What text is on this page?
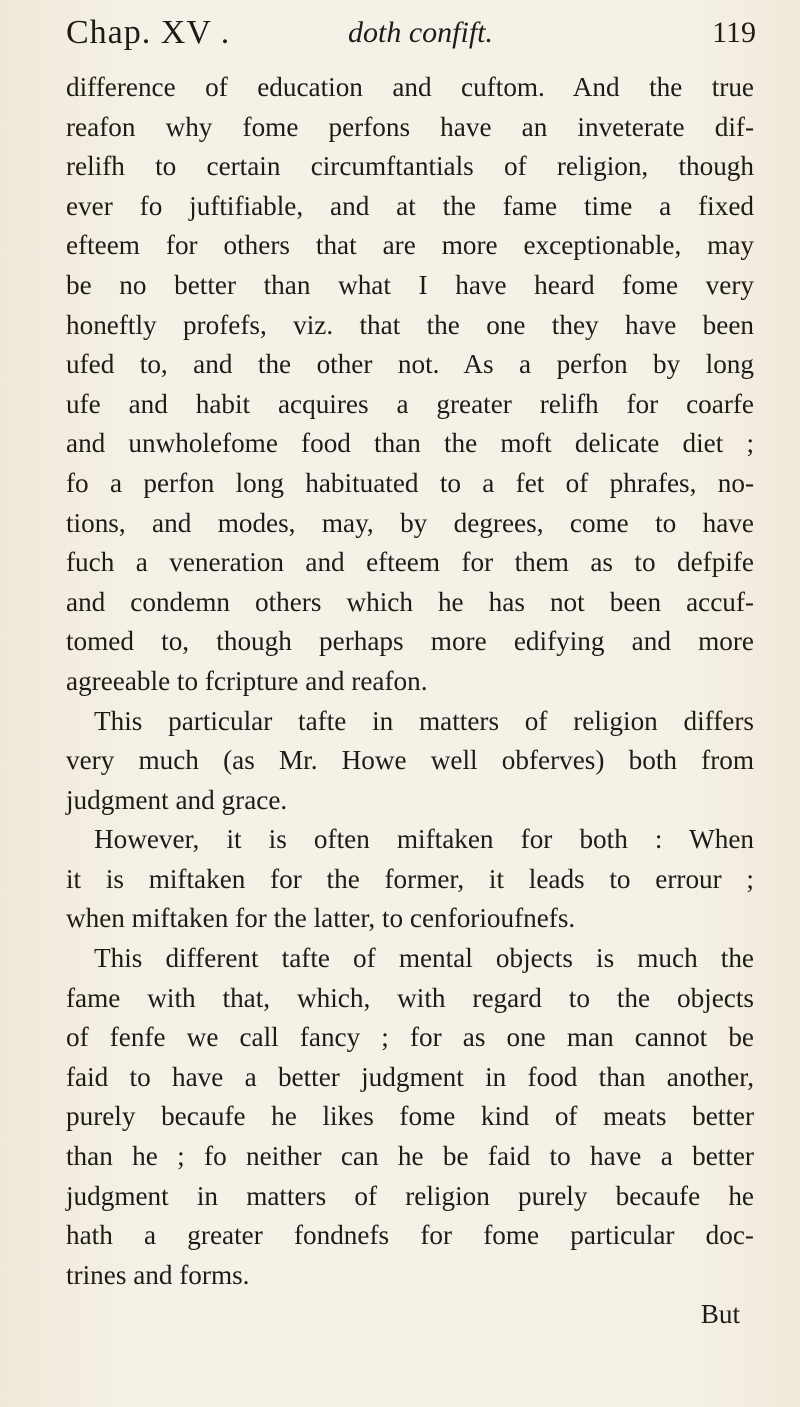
Chap. XV .	doth confift.	119
difference of education and cuftom. And the true
reafon why fome perfons have an inveterate dif-
relifh to certain circumftantials of religion, though
ever fo juftifiable, and at the fame time a fixed
efteem for others that are more exceptionable, may
be no better than what I have heard fome very
honeftly profefs, viz. that the one they have been
ufed to, and the other not. As a perfon by long
ufe and habit acquires a greater relifh for coarfe
and unwholefome food than the moft delicate diet ;
fo a perfon long habituated to a fet of phrafes, no-
tions, and modes, may, by degrees, come to have
fuch a veneration and efteem for them as to defpife
and condemn others which he has not been accuf-
tomed to, though perhaps more edifying and more
agreeable to fcripture and reafon.
This particular tafte in matters of religion differs
very much (as Mr. Howe well obferves) both from
judgment and grace.
However, it is often miftaken for both : When
it is miftaken for the former, it leads to errour ;
when miftaken for the latter, to cenforioufnefs.
This different tafte of mental objects is much the
fame with that, which, with regard to the objects
of fenfe we call fancy ; for as one man cannot be
faid to have a better judgment in food than another,
purely becaufe he likes fome kind of meats better
than he ; fo neither can he be faid to have a better
judgment in matters of religion purely becaufe he
hath a greater fondnefs for fome particular doc-
trines and forms.
But
